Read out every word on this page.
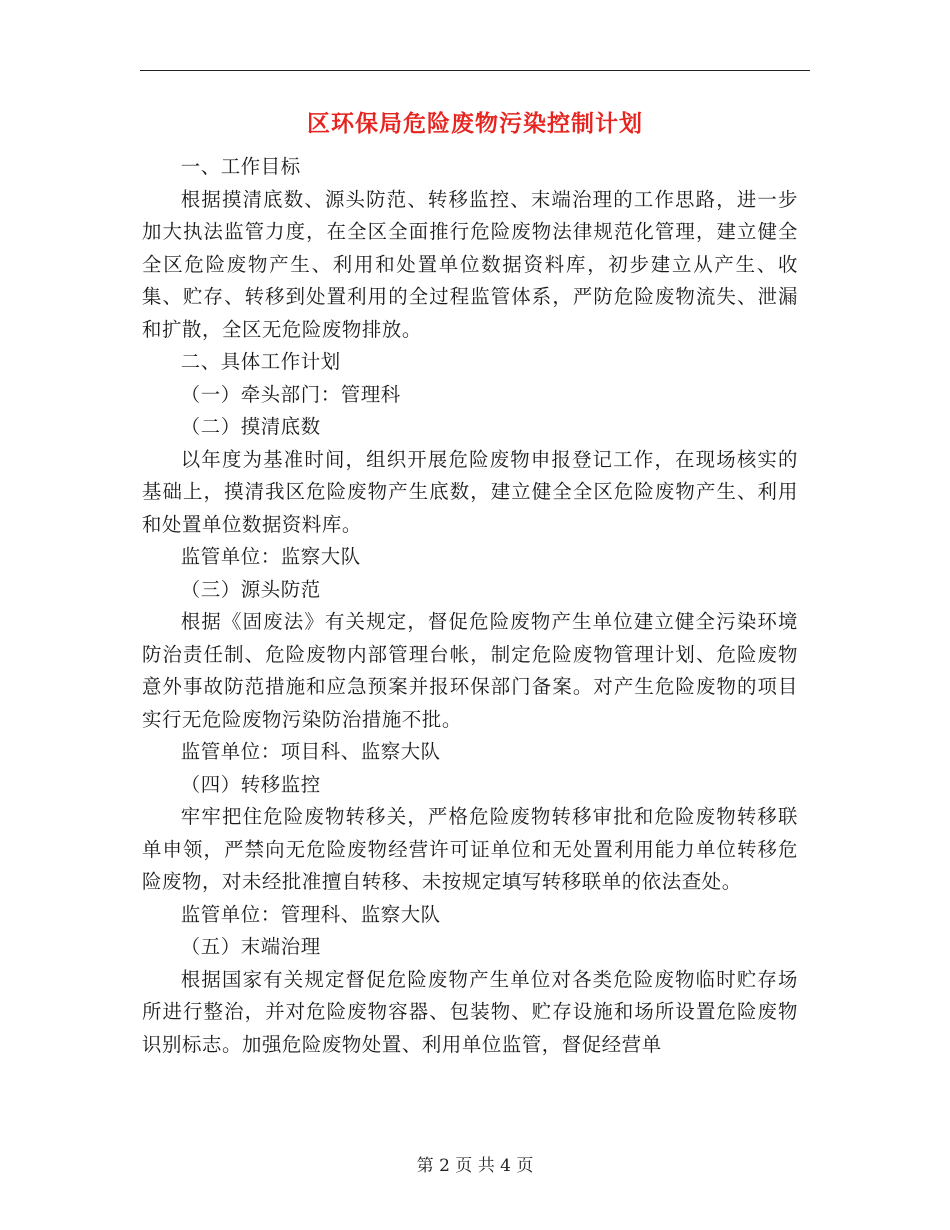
区环保局危险废物污染控制计划

一、工作目标

根据摸清底数、源头防范、转移监控、末端治理的工作思路，进一步加大执法监管力度，在全区全面推行危险废物法律规范化管理，建立健全全区危险废物产生、利用和处置单位数据资料库，初步建立从产生、收集、贮存、转移到处置利用的全过程监管体系，严防危险废物流失、泄漏和扩散，全区无危险废物排放。

二、具体工作计划

（一）牵头部门：管理科

（二）摸清底数

以年度为基准时间，组织开展危险废物申报登记工作，在现场核实的基础上，摸清我区危险废物产生底数，建立健全全区危险废物产生、利用和处置单位数据资料库。

监管单位：监察大队

（三）源头防范

根据《固废法》有关规定，督促危险废物产生单位建立健全污染环境防治责任制、危险废物内部管理台帐，制定危险废物管理计划、危险废物意外事故防范措施和应急预案并报环保部门备案。对产生危险废物的项目实行无危险废物污染防治措施不批。

监管单位：项目科、监察大队

（四）转移监控

牢牢把住危险废物转移关，严格危险废物转移审批和危险废物转移联单申领，严禁向无危险废物经营许可证单位和无处置利用能力单位转移危险废物，对未经批准擅自转移、未按规定填写转移联单的依法查处。

监管单位：管理科、监察大队

（五）末端治理

根据国家有关规定督促危险废物产生单位对各类危险废物临时贮存场所进行整治，并对危险废物容器、包装物、贮存设施和场所设置危险废物识别标志。加强危险废物处置、利用单位监管，督促经营单

第 2 页 共 4 页
